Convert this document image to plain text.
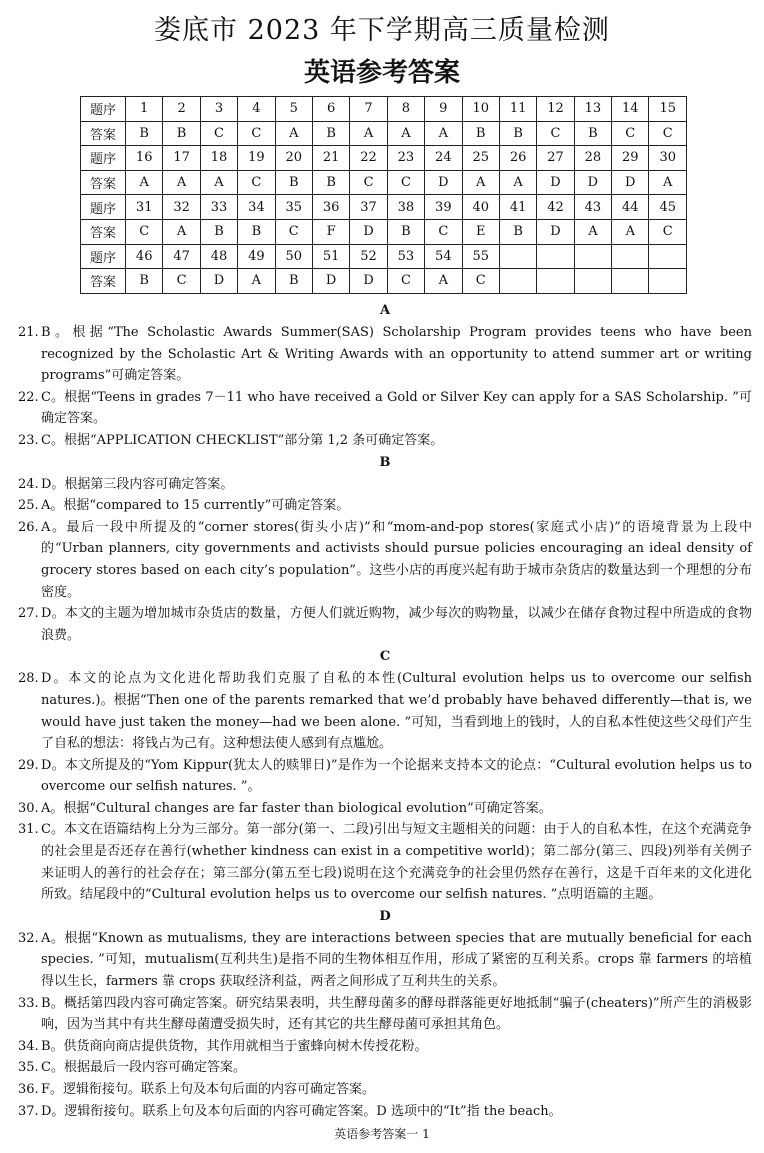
娄底市 2023 年下学期高三质量检测
英语参考答案
题序	1	2	3	4	5	6	7	8	9	10	11	12	13	14	15
答案	B	B	C	C	A	B	A	A	A	B	B	C	B	C	C
题序	16	17	18	19	20	21	22	23	24	25	26	27	28	29	30
答案	A	A	A	C	B	B	C	C	D	A	A	D	D	D	A
题序	31	32	33	34	35	36	37	38	39	40	41	42	43	44	45
答案	C	A	B	B	C	F	D	B	C	E	B	D	A	A	C
题序	46	47	48	49	50	51	52	53	54	55					
答案	B	C	D	A	B	D	D	C	A	C					
A
21. B。根据“The Scholastic Awards Summer(SAS) Scholarship Program provides teens who have been recognized by the Scholastic Art & Writing Awards with an opportunity to attend summer art or writing programs”可确定答案。
22. C。根据“Teens in grades 7－11 who have received a Gold or Silver Key can apply for a SAS Scholarship. ”可确定答案。
23. C。根据“APPLICATION CHECKLIST”部分第 1,2 条可确定答案。
B
24. D。根据第三段内容可确定答案。
25. A。根据“compared to 15 currently”可确定答案。
26. A。最后一段中所提及的“corner stores(街头小店)”和“mom-and-pop stores(家庭式小店)”的语境背景为上段中的“Urban planners, city governments and activists should pursue policies encouraging an ideal density of grocery stores based on each city’s population”。这些小店的再度兴起有助于城市杂货店的数量达到一个理想的分布密度。
27. D。本文的主题为增加城市杂货店的数量，方便人们就近购物，减少每次的购物量，以减少在储存食物过程中所造成的食物浪费。
C
28. D。本文的论点为文化进化帮助我们克服了自私的本性(Cultural evolution helps us to overcome our selfish natures.)。根据“Then one of the parents remarked that we’d probably have behaved differently—that is, we would have just taken the money—had we been alone. ”可知，当看到地上的钱时，人的自私本性使这些父母们产生了自私的想法：将钱占为己有。这种想法使人感到有点尴尬。
29. D。本文所提及的“Yom Kippur(犹太人的赎罪日)”是作为一个论据来支持本文的论点：“Cultural evolution helps us to overcome our selfish natures. ”。
30. A。根据“Cultural changes are far faster than biological evolution”可确定答案。
31. C。本文在语篇结构上分为三部分。第一部分(第一、二段)引出与短文主题相关的问题：由于人的自私本性，在这个充满竞争的社会里是否还存在善行(whether kindness can exist in a competitive world)；第二部分(第三、四段)列举有关例子来证明人的善行的社会存在；第三部分(第五至七段)说明在这个充满竞争的社会里仍然存在善行，这是千百年来的文化进化所致。结尾段中的“Cultural evolution helps us to overcome our selfish natures. ”点明语篇的主题。
D
32. A。根据“Known as mutualisms, they are interactions between species that are mutually beneficial for each species. ”可知，mutualism(互利共生)是指不同的生物体相互作用，形成了紧密的互利关系。crops 靠 farmers 的培植得以生长，farmers 靠 crops 获取经济利益，两者之间形成了互利共生的关系。
33. B。概括第四段内容可确定答案。研究结果表明，共生酵母菌多的酵母群落能更好地抵制“骗子(cheaters)”所产生的消极影响，因为当其中有共生酵母菌遭受损失时，还有其它的共生酵母菌可承担其角色。
34. B。供货商向商店提供货物，其作用就相当于蜜蜂向树木传授花粉。
35. C。根据最后一段内容可确定答案。
36. F。逻辑衔接句。联系上句及本句后面的内容可确定答案。
37. D。逻辑衔接句。联系上句及本句后面的内容可确定答案。D 选项中的“It”指 the beach。
英语参考答案一 1
